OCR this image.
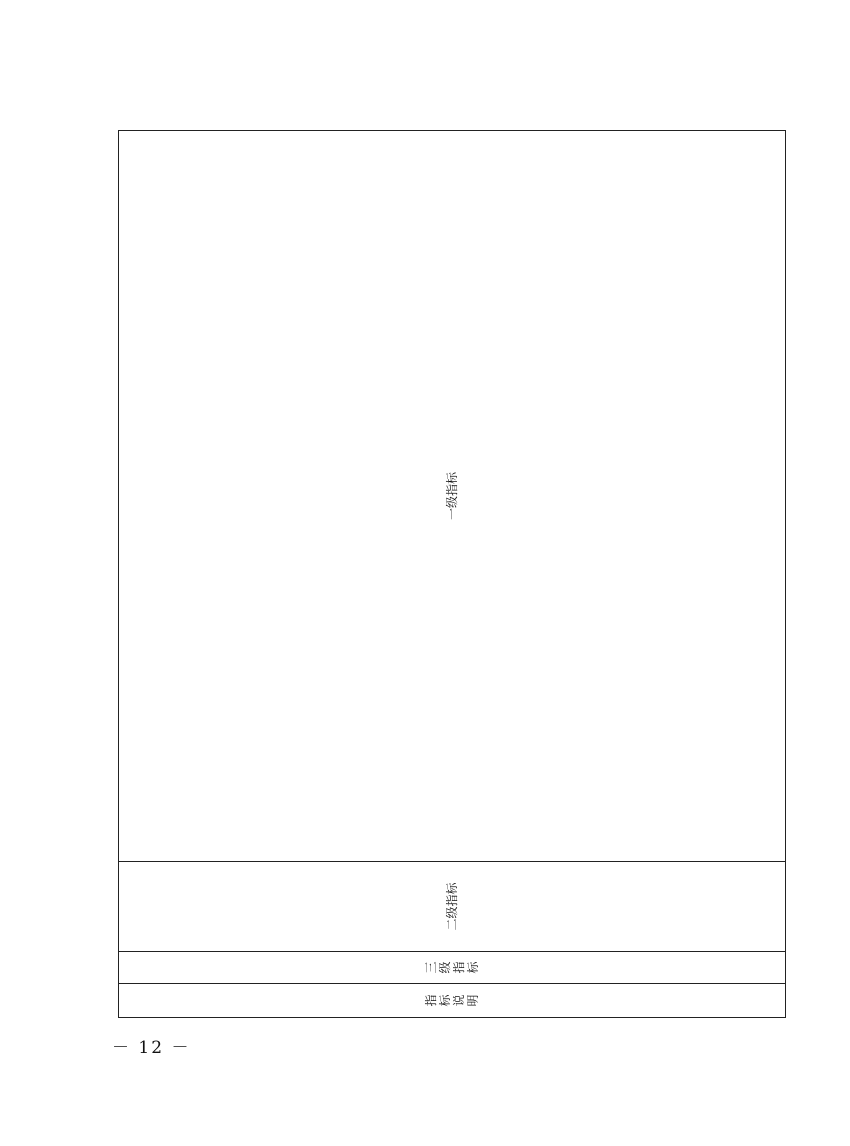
指标说明	三级指标	二级指标	一级指标
－ 12 －
